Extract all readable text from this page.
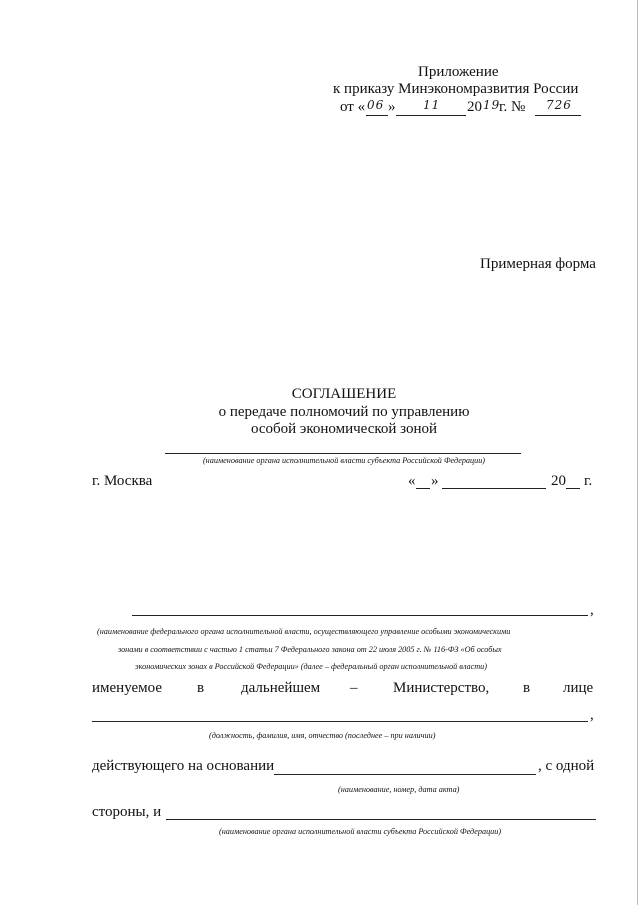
Приложение
к приказу Минэкономразвития России
от « 06 » 11 20 19
г. № 726
Примерная форма
СОГЛАШЕНИЕ
о передаче полномочий по управлению
особой экономической зоной
(наименование органа исполнительной власти субъекта Российской Федерации)
г. Москва	« »	20 г.
,
(наименование федерального органа исполнительной власти, осуществляющего управление особыми экономическими
зонами в соответствии с частью 1 статьи 7 Федерального закона от 22 июля 2005 г. № 116-ФЗ «Об особых
экономических зонах в Российской Федерации» (далее – федеральный орган исполнительной власти)
именуемое в дальнейшем – Министерство, в лице
,
(должность, фамилия, имя, отчество (последнее – при наличии)
действующего на основании	, с одной
(наименование, номер, дата акта)
стороны, и
(наименование органа исполнительной власти субъекта Российской Федерации)
